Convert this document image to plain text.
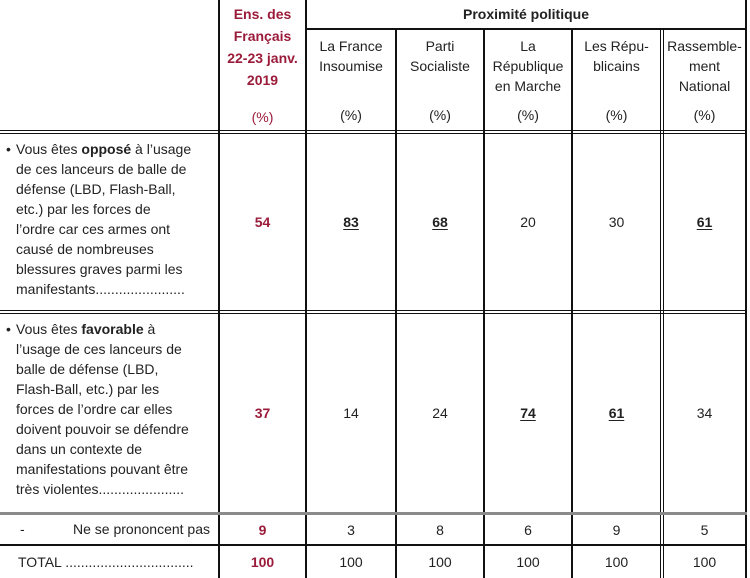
Ens. des
Français
22-23 janv.
2019
(%)
Proximité politique
La France
Insoumise
(%)
Parti
Socialiste
(%)
La
République
en Marche
(%)
Les Répu-
blicains
(%)
Rassemble-
ment
National
(%)
• Vous êtes opposé à l’usage
de ces lanceurs de balle de
défense (LBD, Flash-Ball,
etc.) par les forces de
l’ordre car ces armes ont
causé de nombreuses
blessures graves parmi les
manifestants.......................
54	83	68	20	30	61
• Vous êtes favorable à
l’usage de ces lanceurs de
balle de défense (LBD,
Flash-Ball, etc.) par les
forces de l’ordre car elles
doivent pouvoir se défendre
dans un contexte de
manifestations pouvant être
très violentes......................
37	14	24	74	61	34
-	Ne se prononcent pas	9	3	8	6	9	5
TOTAL .................................	100	100	100	100	100	100
